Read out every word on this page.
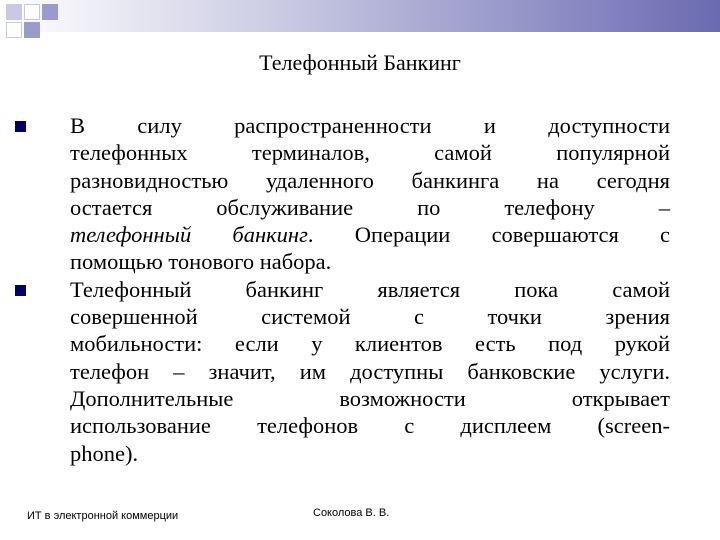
Телефонный Банкинг

В силу распространенности и доступности
телефонных терминалов, самой популярной
разновидностью удаленного банкинга на сегодня
остается обслуживание по телефону –
телефонный банкинг. Операции совершаются с
помощью тонового набора.

Телефонный банкинг является пока самой
совершенной системой с точки зрения
мобильности: если у клиентов есть под рукой
телефон – значит, им доступны банковские услуги.
Дополнительные возможности открывает
использование телефонов с дисплеем (screen-
phone).

ИТ в электронной коммерции	Соколова В. В.
